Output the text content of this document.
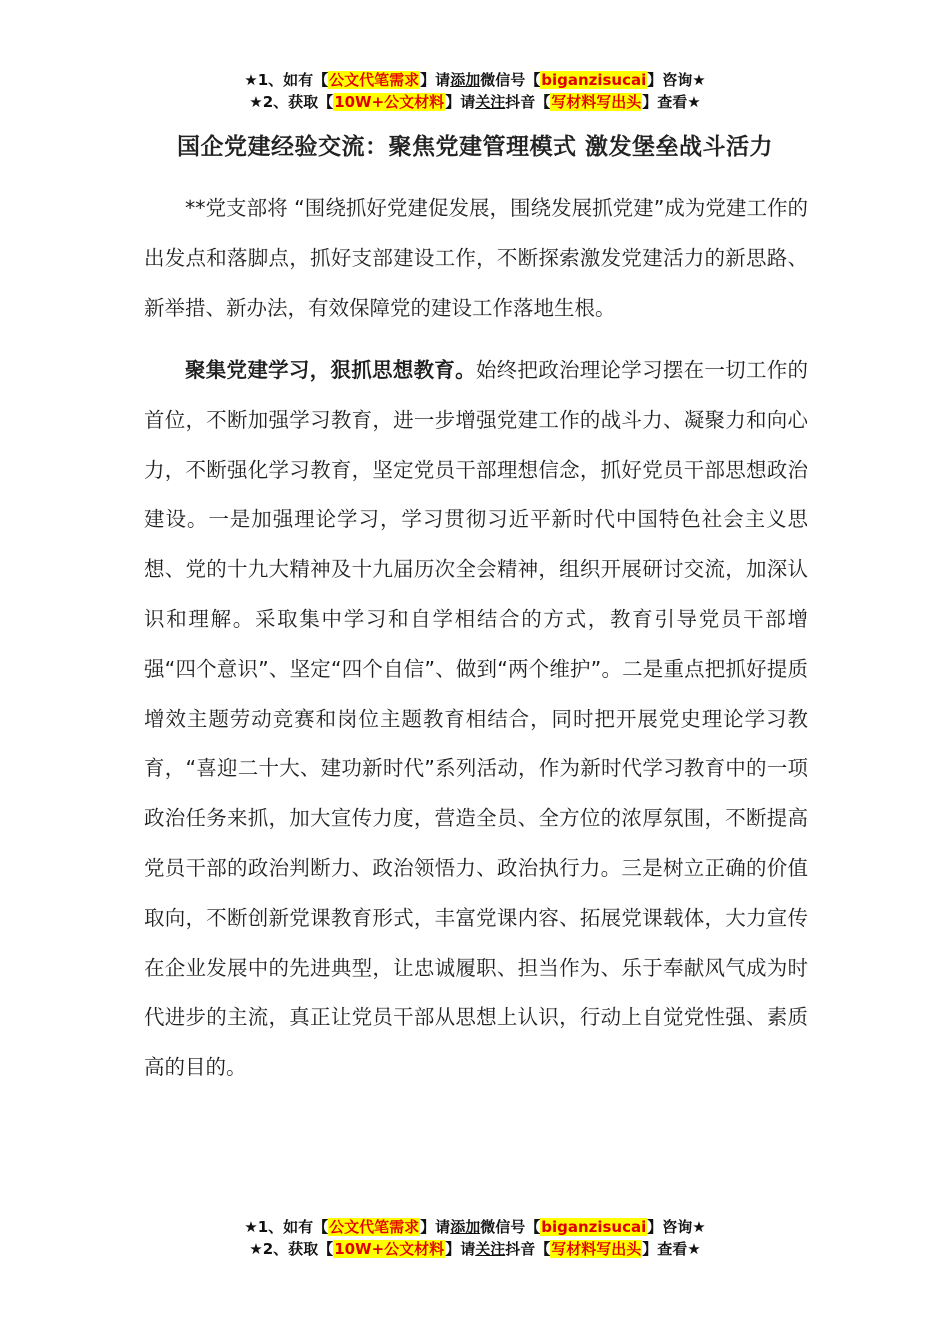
★1、如有【公文代笔需求】请添加微信号【biganzisucai】咨询★
★2、获取【10W+公文材料】请关注抖音【写材料写出头】查看★
国企党建经验交流：聚焦党建管理模式 激发堡垒战斗活力

**党支部将 “围绕抓好党建促发展，围绕发展抓党建”成为党建工作的出发点和落脚点，抓好支部建设工作，不断探索激发党建活力的新思路、新举措、新办法，有效保障党的建设工作落地生根。

聚集党建学习，狠抓思想教育。始终把政治理论学习摆在一切工作的首位，不断加强学习教育，进一步增强党建工作的战斗力、凝聚力和向心力，不断强化学习教育，坚定党员干部理想信念，抓好党员干部思想政治建设。一是加强理论学习，学习贯彻习近平新时代中国特色社会主义思想、党的十九大精神及十九届历次全会精神，组织开展研讨交流，加深认识和理解。采取集中学习和自学相结合的方式，教育引导党员干部增强“四个意识”、坚定“四个自信”、做到“两个维护”。二是重点把抓好提质增效主题劳动竞赛和岗位主题教育相结合，同时把开展党史理论学习教育，“喜迎二十大、建功新时代”系列活动，作为新时代学习教育中的一项政治任务来抓，加大宣传力度，营造全员、全方位的浓厚氛围，不断提高党员干部的政治判断力、政治领悟力、政治执行力。三是树立正确的价值取向，不断创新党课教育形式，丰富党课内容、拓展党课载体，大力宣传在企业发展中的先进典型，让忠诚履职、担当作为、乐于奉献风气成为时代进步的主流，真正让党员干部从思想上认识，行动上自觉党性强、素质高的目的。

★1、如有【公文代笔需求】请添加微信号【biganzisucai】咨询★
★2、获取【10W+公文材料】请关注抖音【写材料写出头】查看★
